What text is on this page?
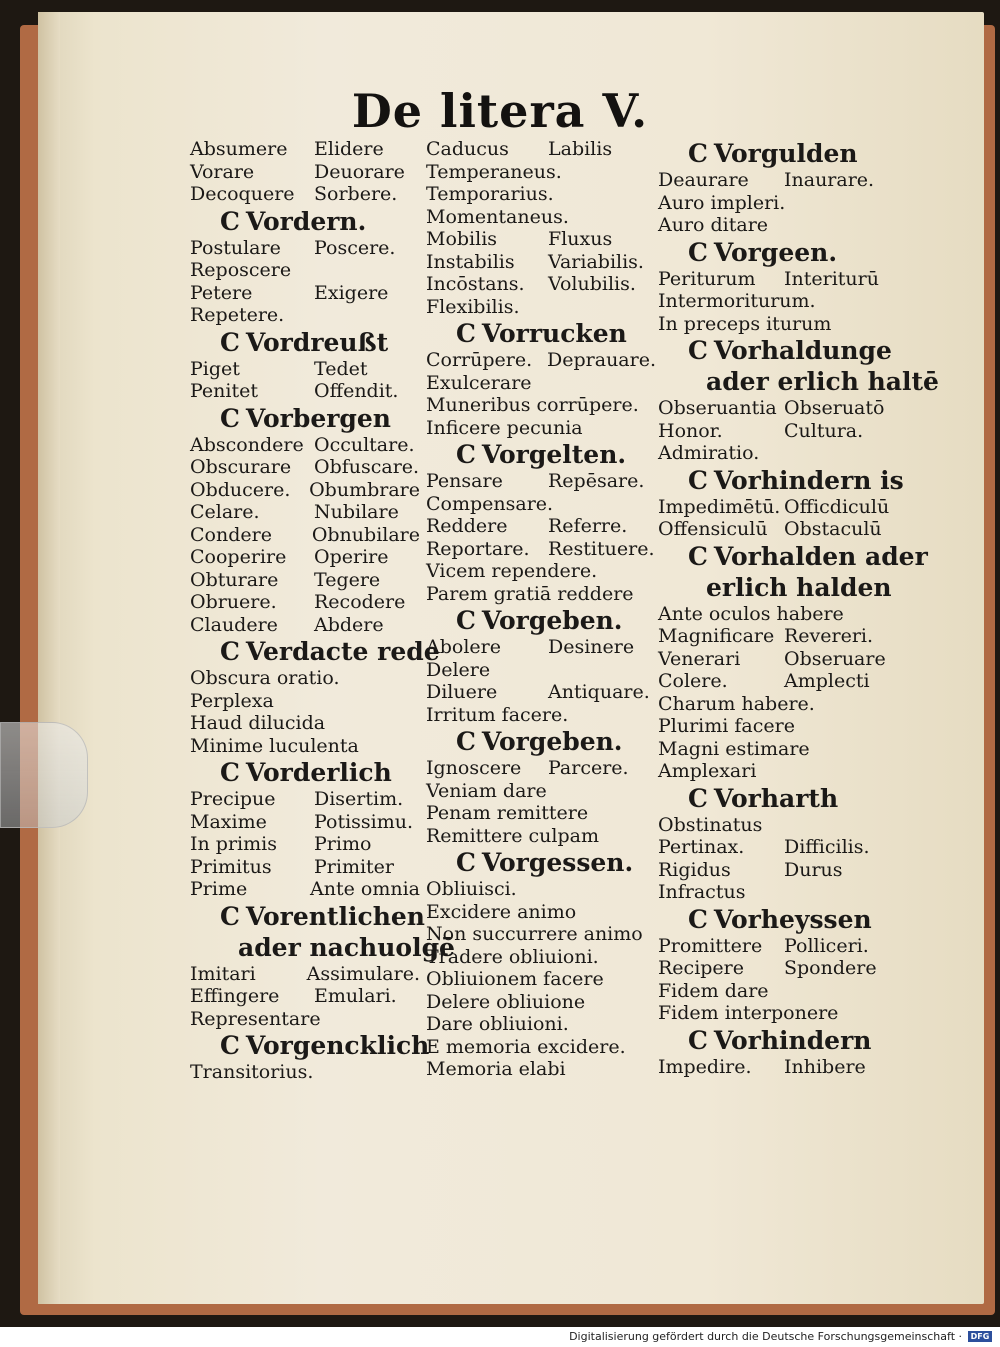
De litera V.
Absumere	Elidere
Vorare	Deuorare
Decoquere	Sorbere.
C Vordern.
Postulare	Poscere.
Reposcere
Petere	Exigere
Repetere.
C Vordreußt
Piget	Tedet
Penitet	Offendit.
C Vorbergen
Abscondere Occultare.
Obscurare	Obfuscare.
Obducere. Obumbrare
Celare.	Nubilare
Condere	Obnubilare
Cooperire	Operire
Obturare	Tegere
Obruere.	Recodere
Claudere	Abdere
C Verdacte rede
Obscura oratio.
Perplexa
Haud dilucida
Minime luculenta
C Vorderlich
Precipue	Disertim.
Maxime	Potissimu.
In primis	Primo
Primitus	Primiter
Prime	Ante omnia
C Vorentlichen
ader nachuolgē
Imitari	Assimulare.
Effingere	Emulari.
Representare
C Vorgencklich
Transitorius.
Caducus	Labilis
Temperaneus.
Temporarius.
Momentaneus.
Mobilis	Fluxus
Instabilis	Variabilis.
Incōstans.	Volubilis.
Flexibilis.
C Vorrucken
Corrūpere. Deprauare.
Exulcerare
Muneribus corrūpere.
Inficere pecunia
C Vorgelten.
Pensare	Repēsare.
Compensare.
Reddere	Referre.
Reportare. Restituere.
Vicem rependere.
Parem gratiā reddere
C Vorgeben.
Abolere	Desinere
Delere
Diluere	Antiquare.
Irritum facere.
C Vorgeben.
Ignoscere	Parcere.
Veniam dare
Penam remittere
Remittere culpam
C Vorgessen.
Obliuisci.
Excidere animo
Non succurrere animo
Tradere obliuioni.
Obliuionem facere
Delere obliuione
Dare obliuioni.
E memoria excidere.
Memoria elabi
C Vorgulden
Deaurare	Inaurare.
Auro impleri.
Auro ditare
C Vorgeen.
Periturum	Interiturū
Intermoriturum.
In preceps iturum
C Vorhaldunge
ader erlich haltē
Obseruantia Obseruatō
Honor.	Cultura.
Admiratio.
C Vorhindern is
Impedimētū. Officdiculū
Offensiculū Obstaculū
C Vorhalden ader
erlich halden
Ante oculos habere
Magnificare Revereri.
Venerari	Obseruare
Colere.	Amplecti
Charum habere.
Plurimi facere
Magni estimare
Amplexari
C Vorharth
Obstinatus
Pertinax.	Difficilis.
Rigidus	Durus
Infractus
C Vorheyssen
Promittere	Polliceri.
Recipere	Spondere
Fidem dare
Fidem interponere
C Vorhindern
Impedire.	Inhibere
Digitalisierung gefördert durch die Deutsche Forschungsgemeinschaft ·	DFG
